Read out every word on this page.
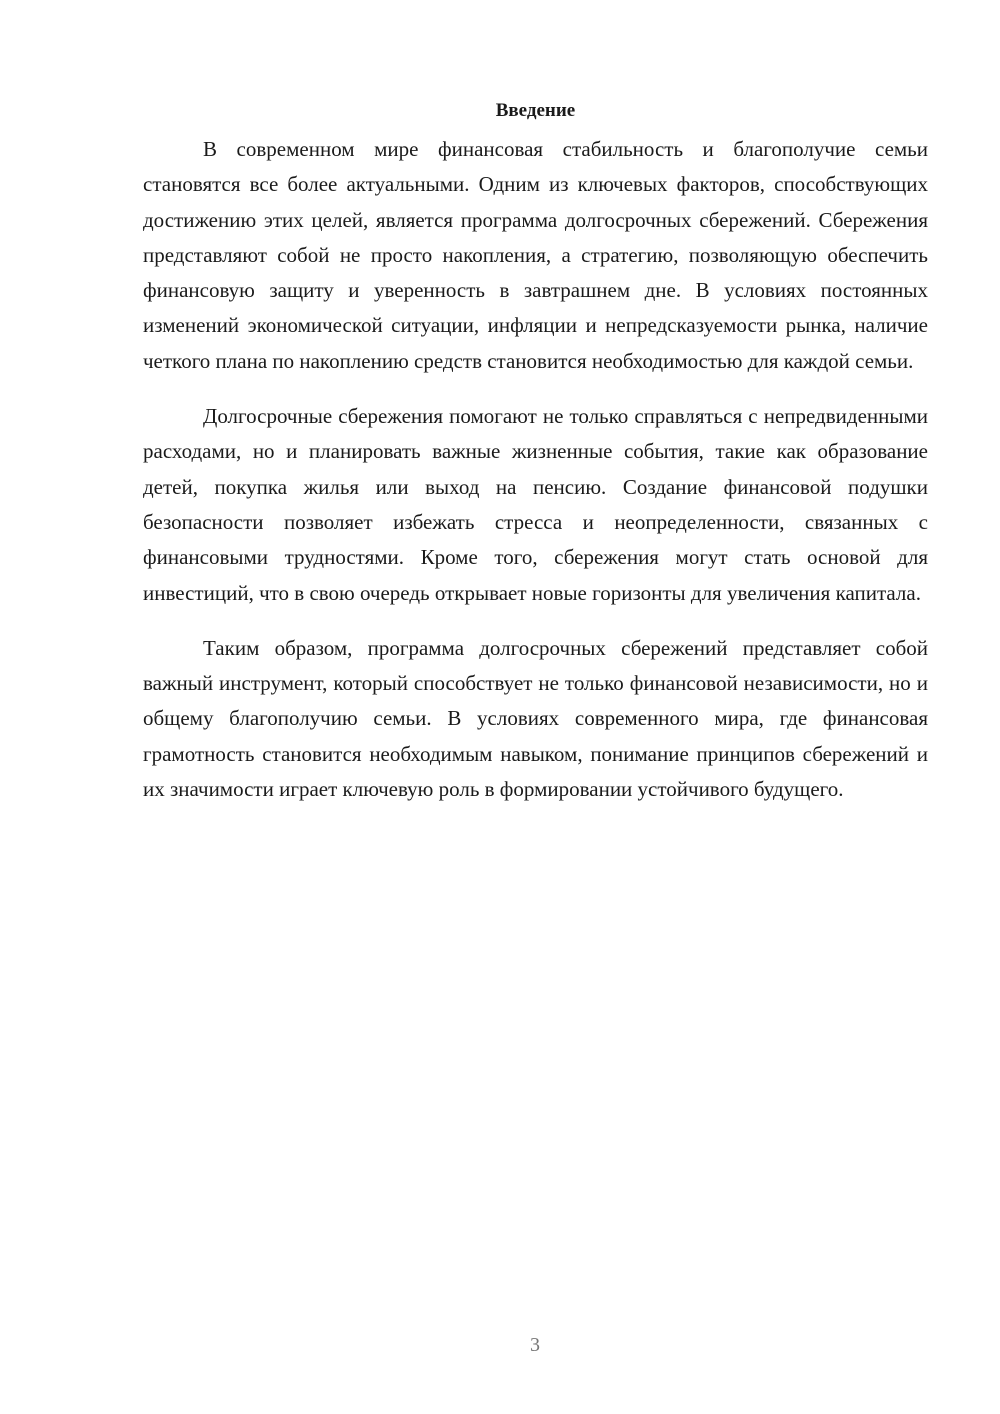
Введение

В современном мире финансовая стабильность и благополучие семьи становятся все более актуальными. Одним из ключевых факторов, способствующих достижению этих целей, является программа долгосрочных сбережений. Сбережения представляют собой не просто накопления, а стратегию, позволяющую обеспечить финансовую защиту и уверенность в завтрашнем дне. В условиях постоянных изменений экономической ситуации, инфляции и непредсказуемости рынка, наличие четкого плана по накоплению средств становится необходимостью для каждой семьи.

Долгосрочные сбережения помогают не только справляться с непредвиденными расходами, но и планировать важные жизненные события, такие как образование детей, покупка жилья или выход на пенсию. Создание финансовой подушки безопасности позволяет избежать стресса и неопределенности, связанных с финансовыми трудностями. Кроме того, сбережения могут стать основой для инвестиций, что в свою очередь открывает новые горизонты для увеличения капитала.

Таким образом, программа долгосрочных сбережений представляет собой важный инструмент, который способствует не только финансовой независимости, но и общему благополучию семьи. В условиях современного мира, где финансовая грамотность становится необходимым навыком, понимание принципов сбережений и их значимости играет ключевую роль в формировании устойчивого будущего.

3
